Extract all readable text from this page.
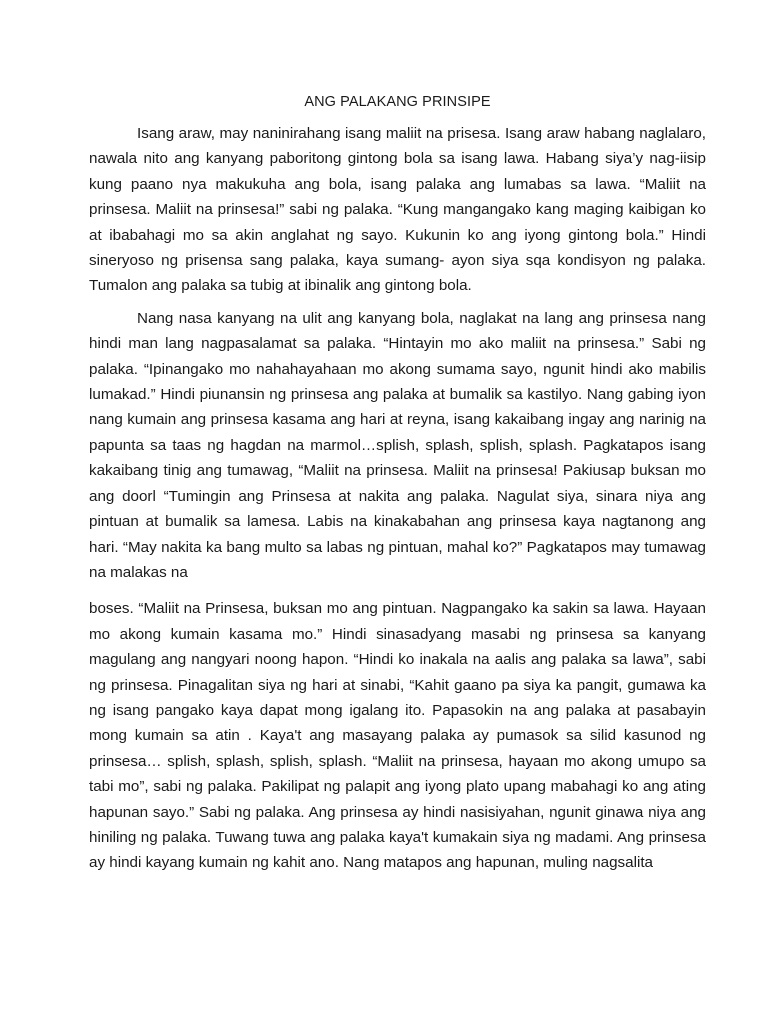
ANG PALAKANG PRINSIPE

Isang araw, may naninirahang isang maliit na prisesa. Isang araw habang naglalaro, nawala nito ang kanyang paboritong gintong bola sa isang lawa. Habang siya’y nag-iisip kung paano nya makukuha ang bola, isang palaka ang lumabas sa lawa. “Maliit na prinsesa. Maliit na prinsesa!” sabi ng palaka. “Kung mangangako kang maging kaibigan ko at ibabahagi mo sa akin anglahat ng sayo. Kukunin ko ang iyong gintong bola.” Hindi sineryoso ng prisensa sang palaka, kaya sumang- ayon siya sqa kondisyon ng palaka. Tumalon ang palaka sa tubig at ibinalik ang gintong bola.

Nang nasa kanyang na ulit ang kanyang bola, naglakat na lang ang prinsesa nang hindi man lang nagpasalamat sa palaka. “Hintayin mo ako maliit na prinsesa.” Sabi ng palaka. “Ipinangako mo nahahayahaan mo akong sumama sayo, ngunit hindi ako mabilis lumakad.” Hindi piunansin ng prinsesa ang palaka at bumalik sa kastilyo. Nang gabing iyon nang kumain ang prinsesa kasama ang hari at reyna, isang kakaibang ingay ang narinig na papunta sa taas ng hagdan na marmol…splish, splash, splish, splash. Pagkatapos isang kakaibang tinig ang tumawag, “Maliit na prinsesa. Maliit na prinsesa! Pakiusap buksan mo ang doorl “Tumingin ang Prinsesa at nakita ang palaka. Nagulat siya, sinara niya ang pintuan at bumalik sa lamesa. Labis na kinakabahan ang prinsesa kaya nagtanong ang hari. “May nakita ka bang multo sa labas ng pintuan, mahal ko?” Pagkatapos may tumawag na malakas na

boses. “Maliit na Prinsesa, buksan mo ang pintuan. Nagpangako ka sakin sa lawa. Hayaan mo akong kumain kasama mo.” Hindi sinasadyang masabi ng prinsesa sa kanyang magulang ang nangyari noong hapon. “Hindi ko inakala na aalis ang palaka sa lawa”, sabi ng prinsesa. Pinagalitan siya ng hari at sinabi, “Kahit gaano pa siya ka pangit, gumawa ka ng isang pangako kaya dapat mong igalang ito. Papasokin na ang palaka at pasabayin mong kumain sa atin . Kaya't ang masayang palaka ay pumasok sa silid kasunod ng prinsesa… splish, splash, splish, splash. “Maliit na prinsesa, hayaan mo akong umupo sa tabi mo”, sabi ng palaka. Pakilipat ng palapit ang iyong plato upang mabahagi ko ang ating hapunan sayo.” Sabi ng palaka. Ang prinsesa ay hindi nasisiyahan, ngunit ginawa niya ang hiniling ng palaka. Tuwang tuwa ang palaka kaya't kumakain siya ng madami. Ang prinsesa ay hindi kayang kumain ng kahit ano. Nang matapos ang hapunan, muling nagsalita
